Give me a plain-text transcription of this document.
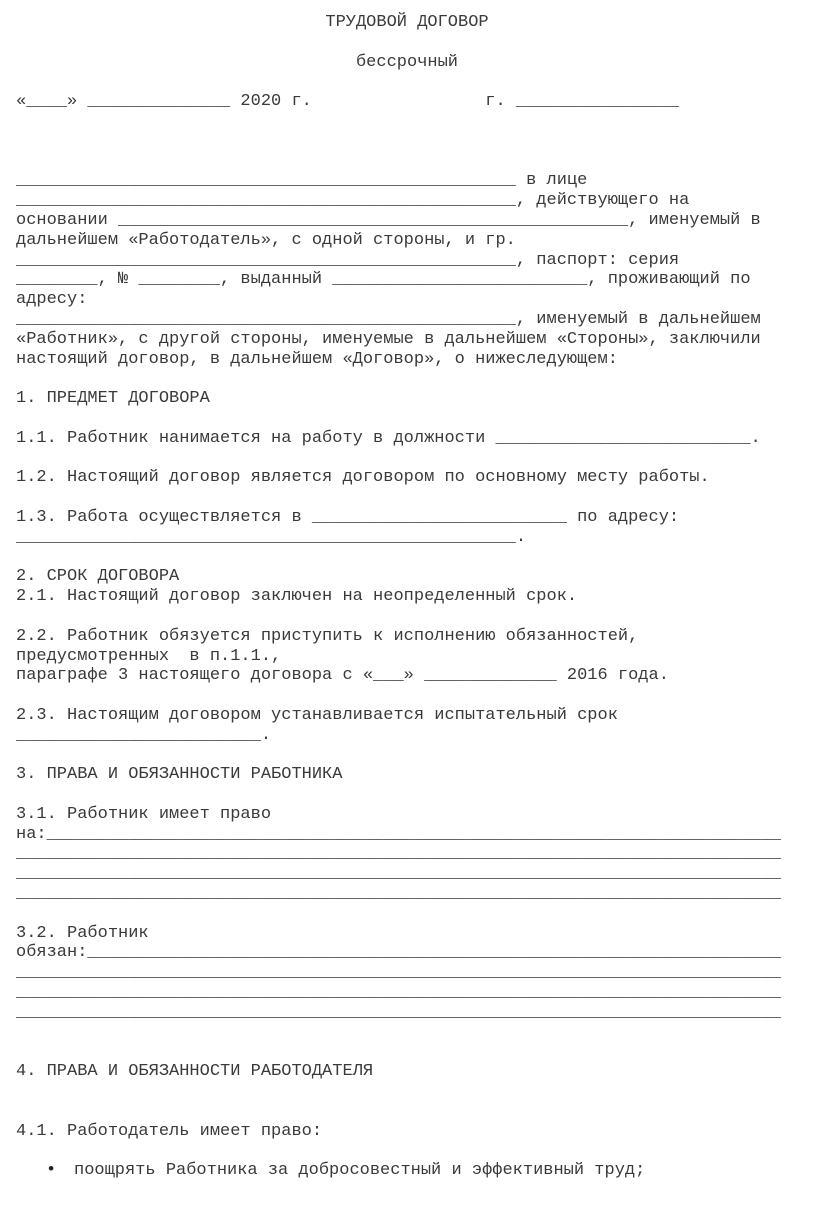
ТРУДОВОЙ ДОГОВОР
бессрочный
«____» ______________ 2020 г.                 г. ________________
_________________________________________________ в лице
_________________________________________________, действующего на
основании __________________________________________________, именуемый в
дальнейшем «Работодатель», с одной стороны, и гр.
_________________________________________________, паспорт: серия
________, № ________, выданный _________________________, проживающий по
адресу:
_________________________________________________, именуемый в дальнейшем
«Работник», с другой стороны, именуемые в дальнейшем «Стороны», заключили
настоящий договор, в дальнейшем «Договор», о нижеследующем:
1. ПРЕДМЕТ ДОГОВОРА
1.1. Работник нанимается на работу в должности _________________________.
1.2. Настоящий договор является договором по основному месту работы.
1.3. Работа осуществляется в _________________________ по адресу:
_________________________________________________.
2. СРОК ДОГОВОРА
2.1. Настоящий договор заключен на неопределенный срок.
2.2. Работник обязуется приступить к исполнению обязанностей,
предусмотренных  в п.1.1.,
параграфе 3 настоящего договора с «___» _____________ 2016 года.
2.3. Настоящим договором устанавливается испытательный срок
________________________.
3. ПРАВА И ОБЯЗАННОСТИ РАБОТНИКА
3.1. Работник имеет право
на:________________________________________________________________________
___________________________________________________________________________
___________________________________________________________________________
___________________________________________________________________________
3.2. Работник
обязан:____________________________________________________________________
___________________________________________________________________________
___________________________________________________________________________
___________________________________________________________________________
4. ПРАВА И ОБЯЗАННОСТИ РАБОТОДАТЕЛЯ
4.1. Работодатель имеет право:
• поощрять Работника за добросовестный и эффективный труд;
